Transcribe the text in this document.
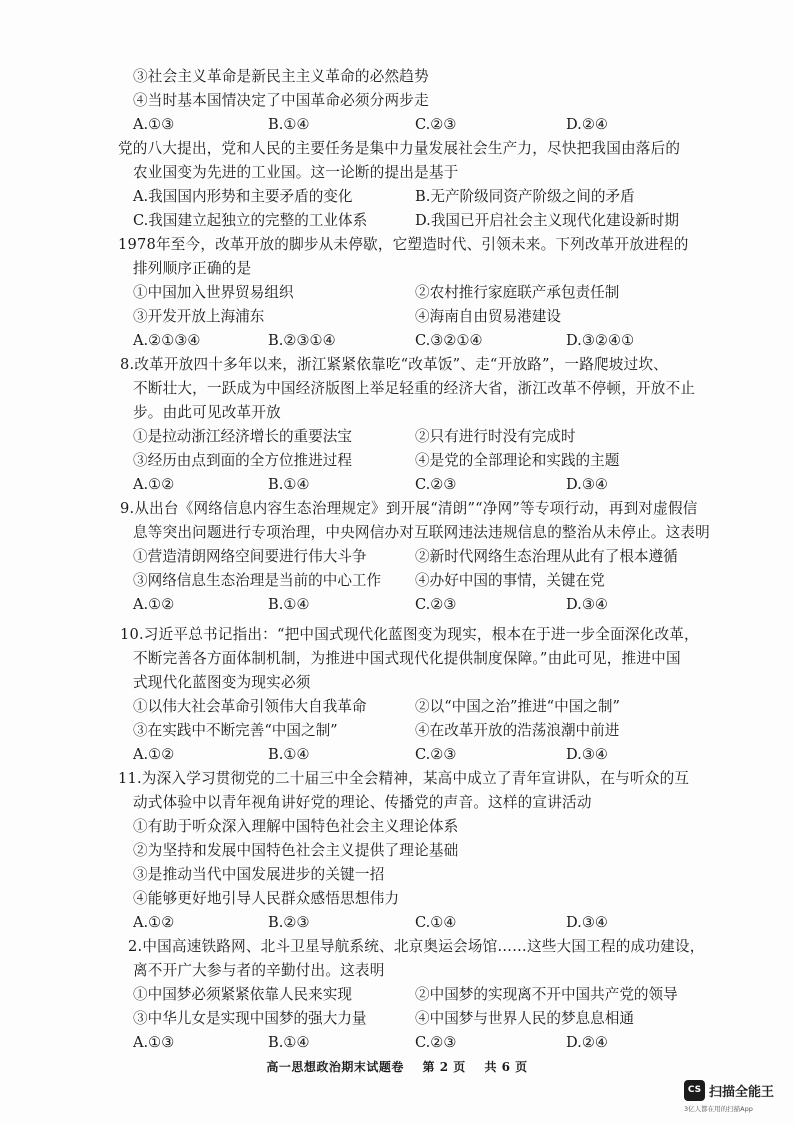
③社会主义革命是新民主主义革命的必然趋势
④当时基本国情决定了中国革命必须分两步走
A.①③	B.①④	C.②③	D.②④
党的八大提出，党和人民的主要任务是集中力量发展社会生产力，尽快把我国由落后的
农业国变为先进的工业国。这一论断的提出是基于
A.我国国内形势和主要矛盾的变化	B.无产阶级同资产阶级之间的矛盾
C.我国建立起独立的完整的工业体系	D.我国已开启社会主义现代化建设新时期
1978年至今，改革开放的脚步从未停歇，它塑造时代、引领未来。下列改革开放进程的
排列顺序正确的是
①中国加入世界贸易组织	②农村推行家庭联产承包责任制
③开发开放上海浦东	④海南自由贸易港建设
A.②①③④	B.②③①④	C.③②①④	D.③②④①
8.改革开放四十多年以来，浙江紧紧依靠吃“改革饭”、走“开放路”，一路爬坡过坎、
不断壮大，一跃成为中国经济版图上举足轻重的经济大省，浙江改革不停顿，开放不止
步。由此可见改革开放
①是拉动浙江经济增长的重要法宝	②只有进行时没有完成时
③经历由点到面的全方位推进过程	④是党的全部理论和实践的主题
A.①②	B.①④	C.②③	D.③④
9.从出台《网络信息内容生态治理规定》到开展“清朗”“净网”等专项行动，再到对虚假信
息等突出问题进行专项治理，中央网信办对互联网违法违规信息的整治从未停止。这表明
①营造清朗网络空间要进行伟大斗争	②新时代网络生态治理从此有了根本遵循
③网络信息生态治理是当前的中心工作 ④办好中国的事情，关键在党
A.①②	B.①④	C.②③	D.③④
10.习近平总书记指出：“把中国式现代化蓝图变为现实，根本在于进一步全面深化改革，
不断完善各方面体制机制，为推进中国式现代化提供制度保障。”由此可见，推进中国
式现代化蓝图变为现实必须
①以伟大社会革命引领伟大自我革命	②以“中国之治”推进“中国之制”
③在实践中不断完善“中国之制”	④在改革开放的浩荡浪潮中前进
A.①②	B.①④	C.②③	D.③④
11.为深入学习贯彻党的二十届三中全会精神，某高中成立了青年宣讲队，在与听众的互
动式体验中以青年视角讲好党的理论、传播党的声音。这样的宣讲活动
①有助于听众深入理解中国特色社会主义理论体系
②为坚持和发展中国特色社会主义提供了理论基础
③是推动当代中国发展进步的关键一招
④能够更好地引导人民群众感悟思想伟力
A.①②	B.②③	C.①④	D.③④
2.中国高速铁路网、北斗卫星导航系统、北京奥运会场馆……这些大国工程的成功建设，
离不开广大参与者的辛勤付出。这表明
①中国梦必须紧紧依靠人民来实现	②中国梦的实现离不开中国共产党的领导
③中华儿女是实现中国梦的强大力量	④中国梦与世界人民的梦息息相通
A.①③	B.①④	C.②③	D.②④
高一思想政治期末试题卷 第 2 页 共 6 页
CS 扫描全能王
3亿人都在用的扫描App
